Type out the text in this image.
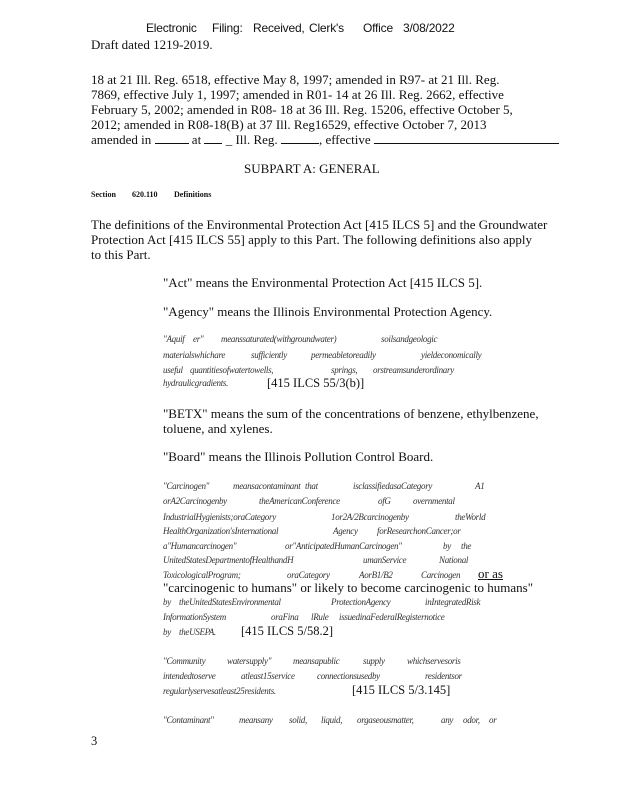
Electronic Filing: Received, Clerk's Office 3/08/2022
Draft dated 1219-2019.
18 at 21 Ill. Reg. 6518, effective May 8, 1997; amended in R97- at 21 Ill. Reg.
7869, effective July 1, 1997; amended in R01- 14 at 26 Ill. Reg. 2662, effective
February 5, 2002; amended in R08- 18 at 36 Ill. Reg. 15206, effective October 5,
2012; amended in R08-18(B) at 37 Ill. Reg16529, effective October 7, 2013
amended in	at  _ Ill. Reg.	, effective
SUBPART A: GENERAL
Section 620.110 Definitions
The definitions of the Environmental Protection Act [415 ILCS 5] and the Groundwater
Protection Act [415 ILCS 55] apply to this Part. The following definitions also apply
to this Part.
"Act" means the Environmental Protection Act [415 ILCS 5].
"Agency" means the Illinois Environmental Protection Agency.
"Aquif er" meanssaturated(withgroundwater)	soilsandgeologic
materialswhichare	sufficiently	permeabletoreadily	yieldeconomically
useful quantitiesofwatertowells,	springs, orstreamsunderordinary
hydraulicgradients.	[415 ILCS 55/3(b)]
"BETX" means the sum of the concentrations of benzene, ethylbenzene,
toluene, and xylenes.
"Board" means the Illinois Pollution Control Board.
"Carcinogen"	meansacontaminant that	isclassifiedasaCategory	A1
orA2Carcinogenby	theAmericanConference	ofG overnmental
IndustrialHygienists;oraCategory	1or2A/2Bcarcinogenby	theWorld
HealthOrganization'sInternational	Agency forResearchonCancer;or
a"Humancarcinogen"	or"AnticipatedHumanCarcinogen"	by the
UnitedStatesDepartmentofHealthandH	umanService	National
ToxicologicalProgram;	oraCategory	AorB1/B2	Carcinogen or as
"carcinogenic to humans" or likely to become carcinogenic to humans"
by theUnitedStatesEnvironmental	ProtectionAgency	inIntegratedRisk
InformationSystem	oraFina lRule issuedinaFederalRegisternotice
by theUSEPA. [415 ILCS 5/58.2]
"Community watersupply" meansapublic	supply whichservesoris
intendedtoserve	atleast15service connectionsusedby	residentsor
regularlyservesatleast25residents.	[415 ILCS 5/3.145]
"Contaminant"	meansany solid, liquid, orgaseousmatter,	any odor, or
3
